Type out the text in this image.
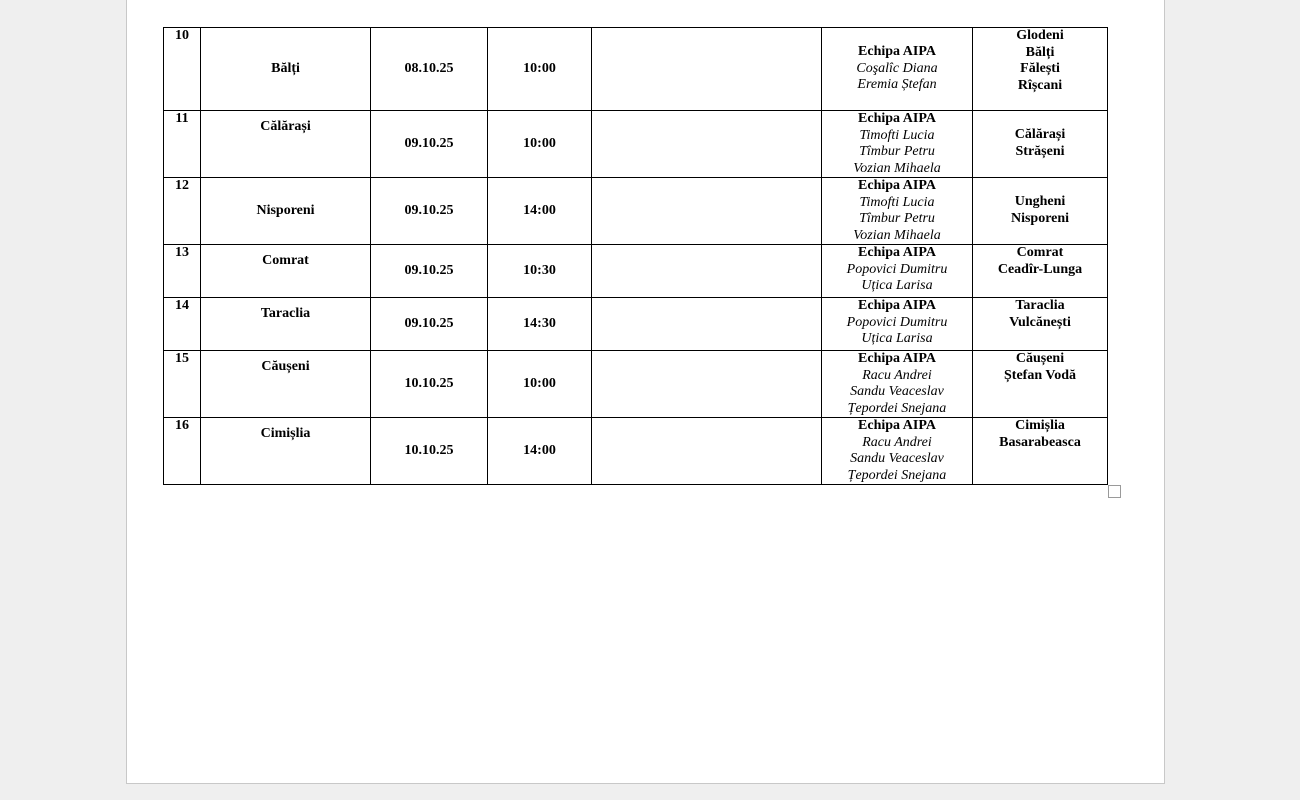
10	Bălți	08.10.25	10:00		Echipa AIPA
Coşalîc Diana
Eremia Ștefan	Glodeni
Bălți
Fălești
Rîșcani

11	Călărași	09.10.25	10:00		Echipa AIPA
Timofti Lucia
Tîmbur Petru
Vozian Mihaela	Călărași
Strășeni

12	Nisporeni	09.10.25	14:00		Echipa AIPA
Timofti Lucia
Tîmbur Petru
Vozian Mihaela	Ungheni
Nisporeni

13	Comrat	09.10.25	10:30		Echipa AIPA
Popovici Dumitru
Uțica Larisa	Comrat
Ceadîr-Lunga

14	Taraclia	09.10.25	14:30		Echipa AIPA
Popovici Dumitru
Uțica Larisa	Taraclia
Vulcănești

15	Căușeni	10.10.25	10:00		Echipa AIPA
Racu Andrei
Sandu Veaceslav
Țepordei Snejana	Căușeni
Ștefan Vodă

16	Cimișlia	10.10.25	14:00		Echipa AIPA
Racu Andrei
Sandu Veaceslav
Țepordei Snejana	Cimișlia
Basarabeasca
